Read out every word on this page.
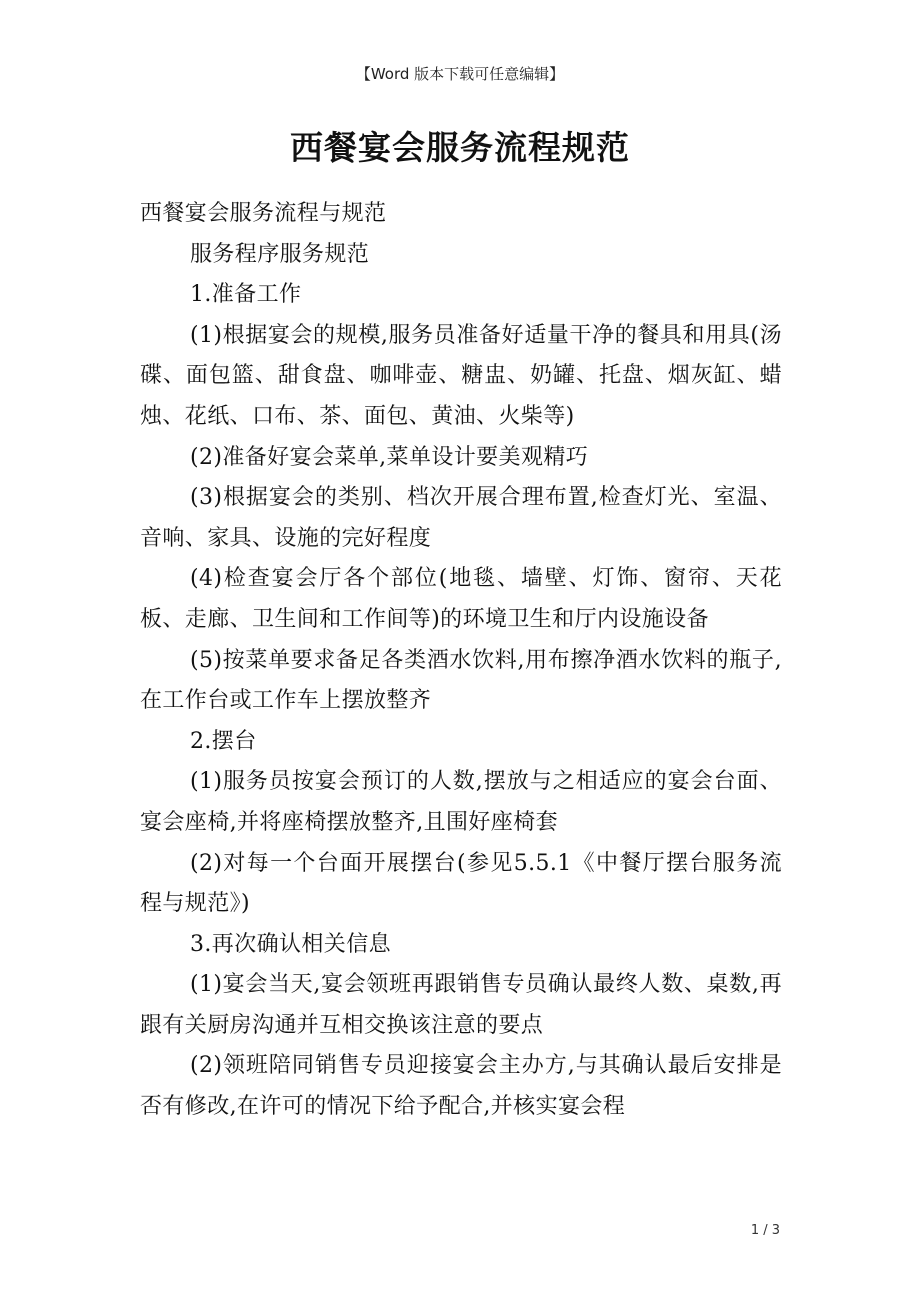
【Word 版本下载可任意编辑】
西餐宴会服务流程规范

西餐宴会服务流程与规范

服务程序服务规范

1.准备工作

(1)根据宴会的规模,服务员准备好适量干净的餐具和用具(汤碟、面包篮、甜食盘、咖啡壶、糖盅、奶罐、托盘、烟灰缸、蜡烛、花纸、口布、茶、面包、黄油、火柴等)

(2)准备好宴会菜单,菜单设计要美观精巧

(3)根据宴会的类别、档次开展合理布置,检查灯光、室温、音响、家具、设施的完好程度

(4)检查宴会厅各个部位(地毯、墙壁、灯饰、窗帘、天花板、走廊、卫生间和工作间等)的环境卫生和厅内设施设备

(5)按菜单要求备足各类酒水饮料,用布擦净酒水饮料的瓶子,在工作台或工作车上摆放整齐

2.摆台

(1)服务员按宴会预订的人数,摆放与之相适应的宴会台面、宴会座椅,并将座椅摆放整齐,且围好座椅套

(2)对每一个台面开展摆台(参见5.5.1《中餐厅摆台服务流程与规范》)

3.再次确认相关信息

(1)宴会当天,宴会领班再跟销售专员确认最终人数、桌数,再跟有关厨房沟通并互相交换该注意的要点

(2)领班陪同销售专员迎接宴会主办方,与其确认最后安排是否有修改,在许可的情况下给予配合,并核实宴会程

1 / 3
